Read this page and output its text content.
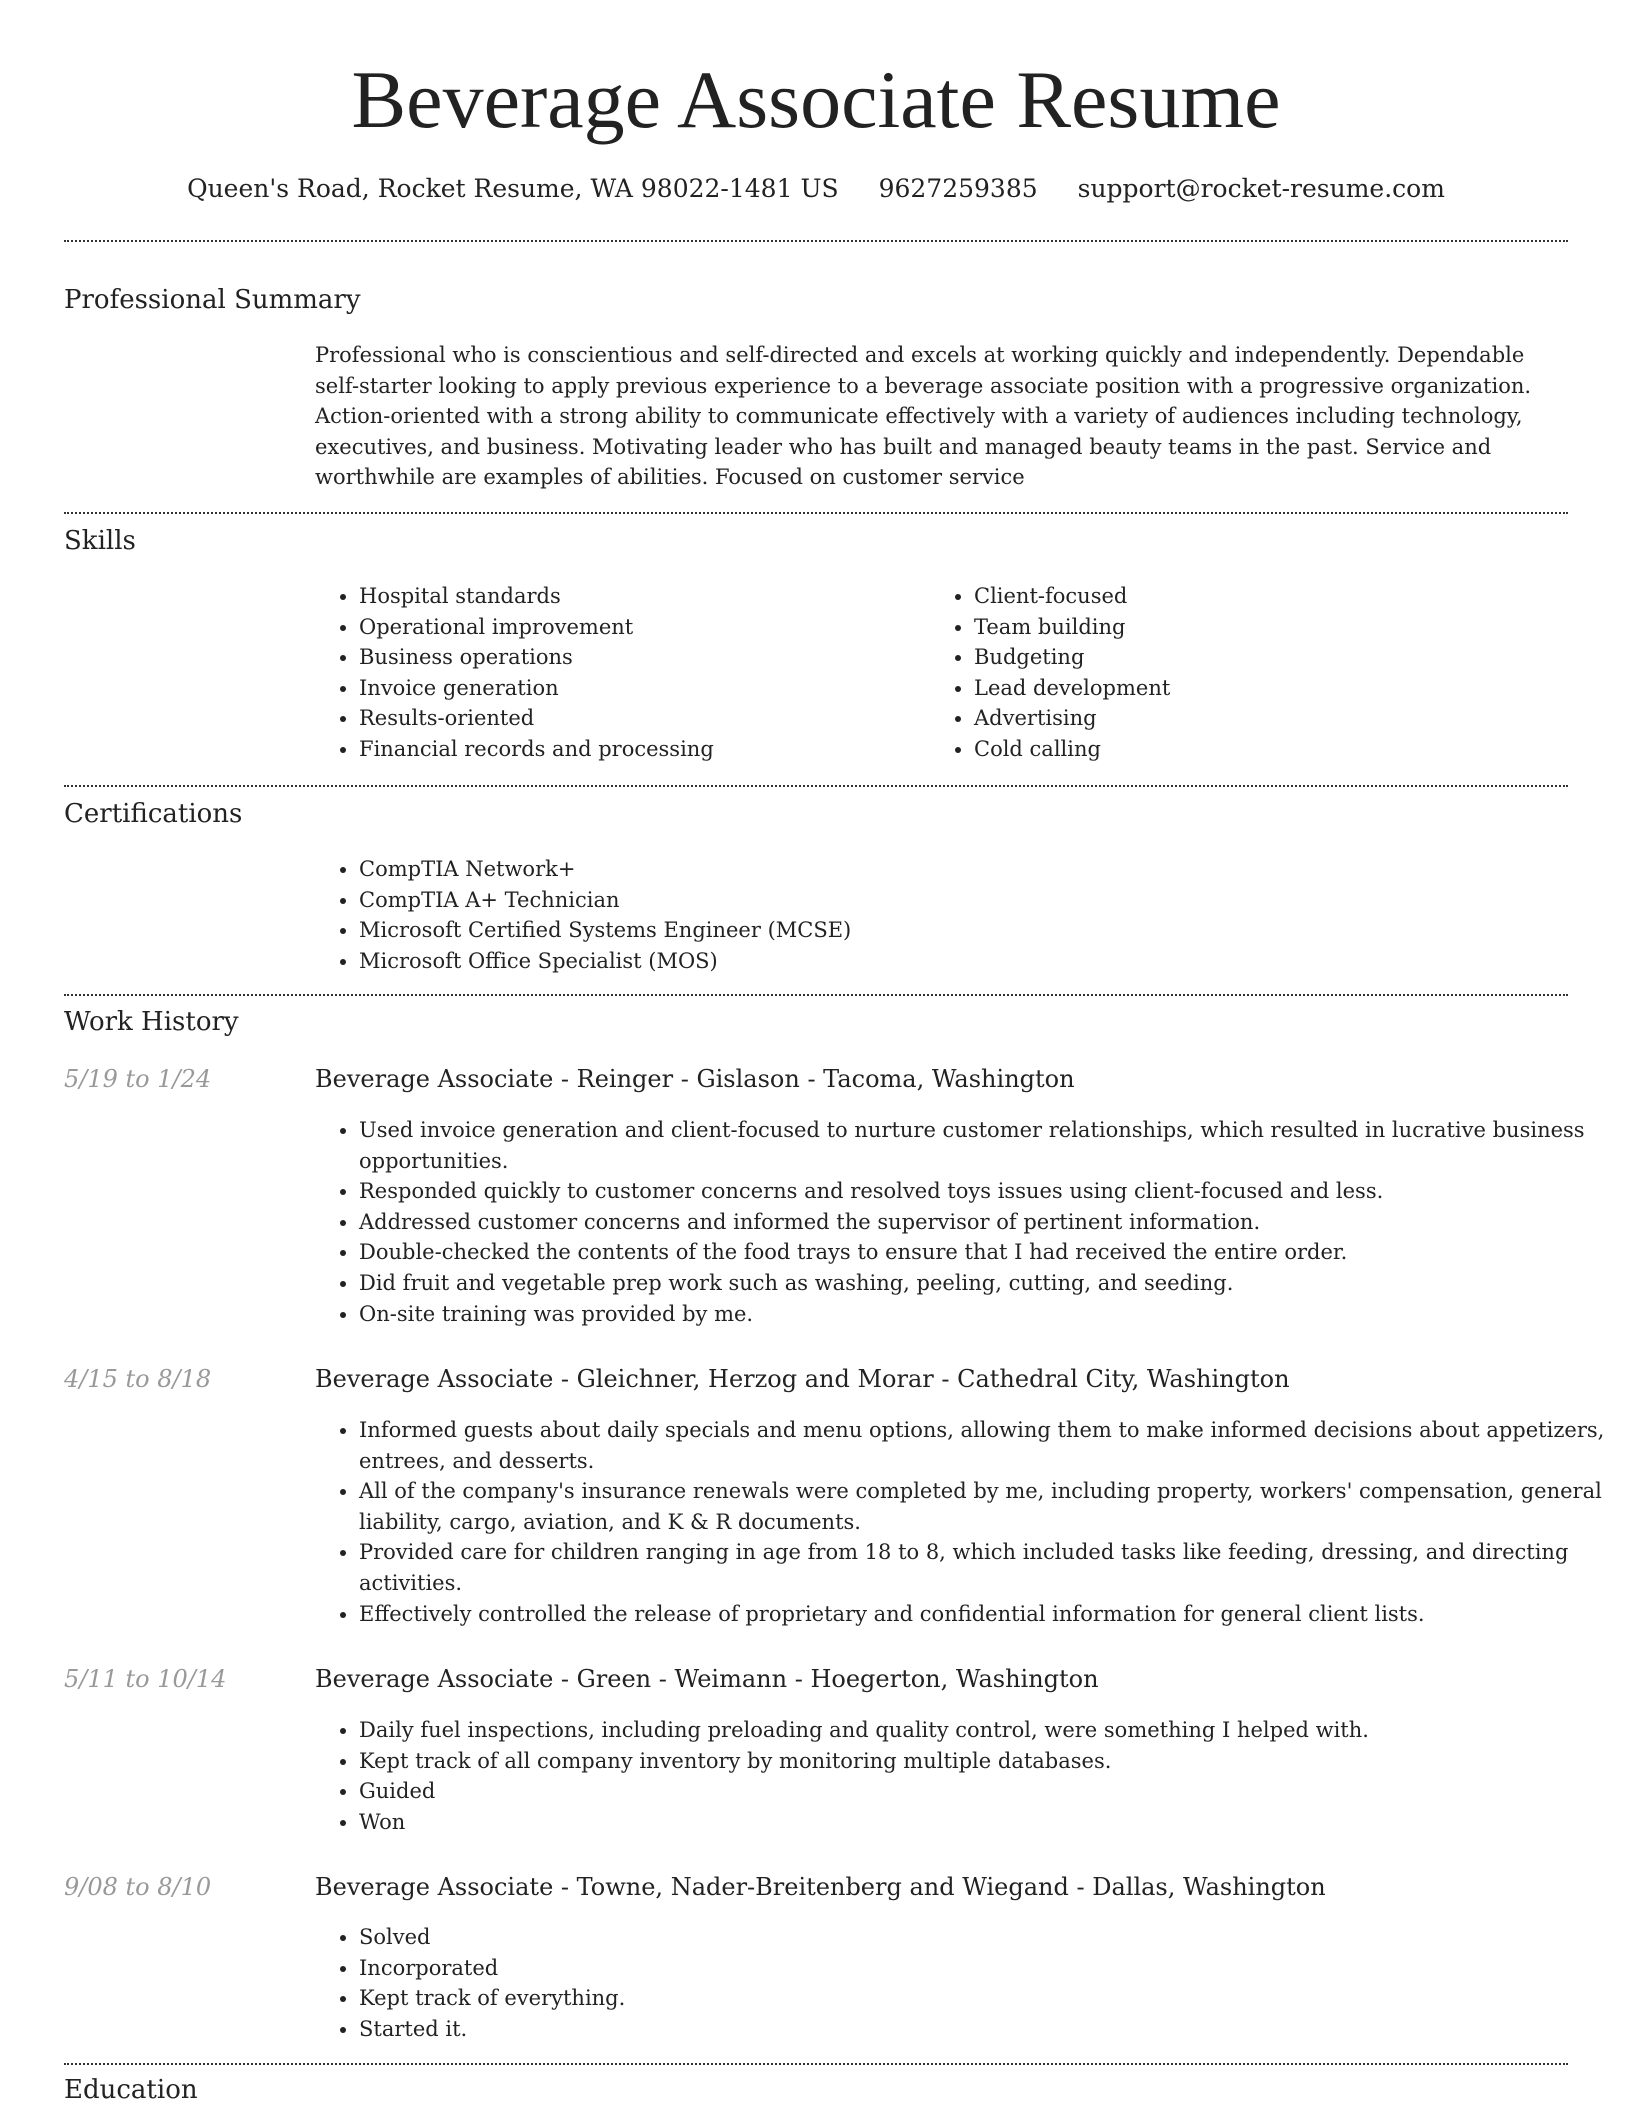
Beverage Associate Resume
Queen's Road, Rocket Resume, WA 98022-1481 US 9627259385 support@rocket-resume.com
Professional Summary

Professional who is conscientious and self-directed and excels at working quickly and independently. Dependable self-starter looking to apply previous experience to a beverage associate position with a progressive organization. Action-oriented with a strong ability to communicate effectively with a variety of audiences including technology, executives, and business. Motivating leader who has built and managed beauty teams in the past. Service and worthwhile are examples of abilities. Focused on customer service

Skills
• Hospital standards
• Operational improvement
• Business operations
• Invoice generation
• Results-oriented
• Financial records and processing
• Client-focused
• Team building
• Budgeting
• Lead development
• Advertising
• Cold calling
Certifications
• CompTIA Network+
• CompTIA A+ Technician
• Microsoft Certified Systems Engineer (MCSE)
• Microsoft Office Specialist (MOS)
Work History
5/19 to 1/24	Beverage Associate - Reinger - Gislason - Tacoma, Washington
• Used invoice generation and client-focused to nurture customer relationships, which resulted in lucrative business opportunities.
• Responded quickly to customer concerns and resolved toys issues using client-focused and less.
• Addressed customer concerns and informed the supervisor of pertinent information.
• Double-checked the contents of the food trays to ensure that I had received the entire order.
• Did fruit and vegetable prep work such as washing, peeling, cutting, and seeding.
• On-site training was provided by me.
4/15 to 8/18	Beverage Associate - Gleichner, Herzog and Morar - Cathedral City, Washington
• Informed guests about daily specials and menu options, allowing them to make informed decisions about appetizers, entrees, and desserts.
• All of the company's insurance renewals were completed by me, including property, workers' compensation, general liability, cargo, aviation, and K & R documents.
• Provided care for children ranging in age from 18 to 8, which included tasks like feeding, dressing, and directing activities.
• Effectively controlled the release of proprietary and confidential information for general client lists.
5/11 to 10/14	Beverage Associate - Green - Weimann - Hoegerton, Washington
• Daily fuel inspections, including preloading and quality control, were something I helped with.
• Kept track of all company inventory by monitoring multiple databases.
• Guided
• Won
9/08 to 8/10	Beverage Associate - Towne, Nader-Breitenberg and Wiegand - Dallas, Washington
• Solved
• Incorporated
• Kept track of everything.
• Started it.
Education
